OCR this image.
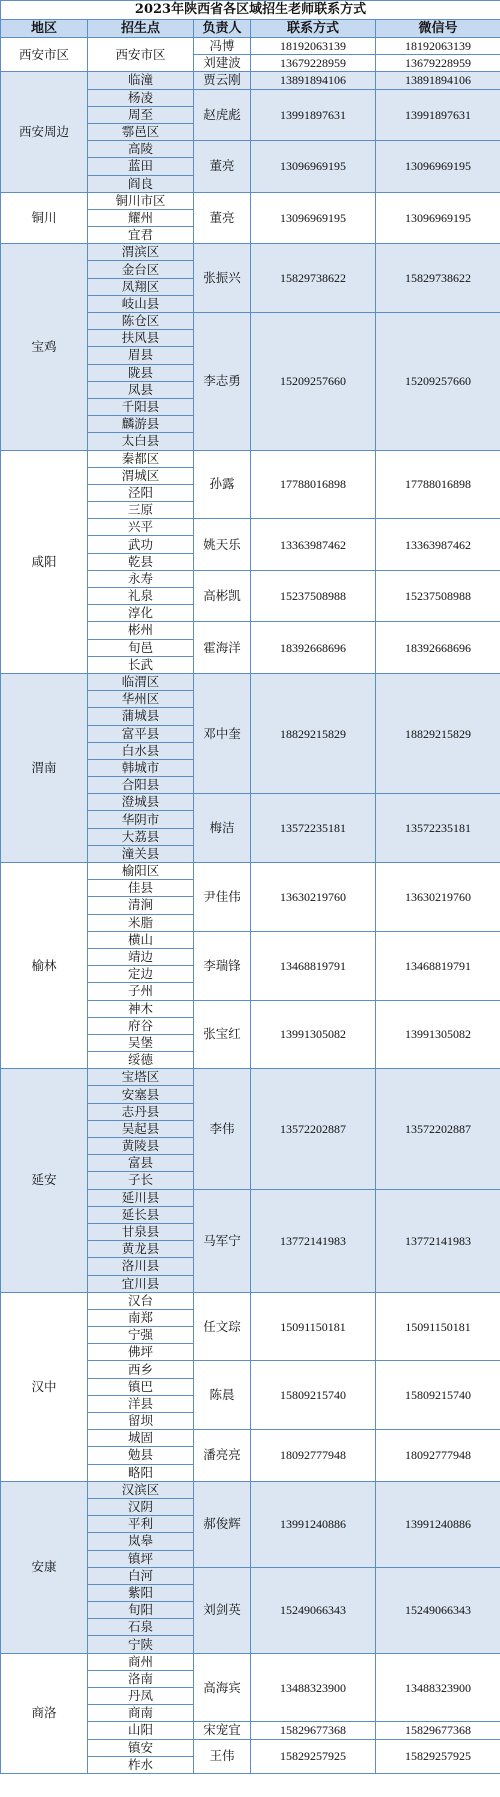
2023年陕西省各区域招生老师联系方式				
地区	招生点	负责人	联系方式	微信号
西安市区	西安市区	冯博	18192063139	18192063139
		刘建波	13679228959	13679228959
西安周边	临潼	贾云刚	13891894106	13891894106
	杨凌	赵虎彪	13991897631	13991897631
	周至			
	鄠邑区			
	高陵	董亮	13096969195	13096969195
	蓝田			
	阎良			
铜川	铜川市区	董亮	13096969195	13096969195
	耀州			
	宜君			
宝鸡	渭滨区	张振兴	15829738622	15829738622
	金台区			
	凤翔区			
	岐山县			
	陈仓区	李志勇	15209257660	15209257660
	扶风县			
	眉县			
	陇县			
	凤县			
	千阳县			
	麟游县			
	太白县			
咸阳	秦都区	孙露	17788016898	17788016898
	渭城区			
	泾阳			
	三原			
	兴平	姚天乐	13363987462	13363987462
	武功			
	乾县			
	永寿	高彬凯	15237508988	15237508988
	礼泉			
	淳化			
	彬州	霍海洋	18392668696	18392668696
	旬邑			
	长武			
渭南	临渭区	邓中奎	18829215829	18829215829
	华州区			
	蒲城县			
	富平县			
	白水县			
	韩城市			
	合阳县			
	澄城县	梅洁	13572235181	13572235181
	华阴市			
	大荔县			
	潼关县			
榆林	榆阳区	尹佳伟	13630219760	13630219760
	佳县			
	清涧			
	米脂			
	横山	李瑞锋	13468819791	13468819791
	靖边			
	定边			
	子州			
	神木	张宝红	13991305082	13991305082
	府谷			
	吴堡			
	绥德			
延安	宝塔区	李伟	13572202887	13572202887
	安塞县			
	志丹县			
	吴起县			
	黄陵县			
	富县			
	子长			
	延川县	马军宁	13772141983	13772141983
	延长县			
	甘泉县			
	黄龙县			
	洛川县			
	宜川县			
汉中	汉台	任文琮	15091150181	15091150181
	南郑			
	宁强			
	佛坪			
	西乡	陈晨	15809215740	15809215740
	镇巴			
	洋县			
	留坝			
	城固	潘亮亮	18092777948	18092777948
	勉县			
	略阳			
安康	汉滨区	郝俊辉	13991240886	13991240886
	汉阴			
	平利			
	岚皋			
	镇坪			
	白河	刘剑英	15249066343	15249066343
	紫阳			
	旬阳			
	石泉			
	宁陕			
商洛	商州	高海宾	13488323900	13488323900
	洛南			
	丹凤			
	商南			
	山阳	宋宠宜	15829677368	15829677368
	镇安	王伟	15829257925	15829257925
	柞水			
